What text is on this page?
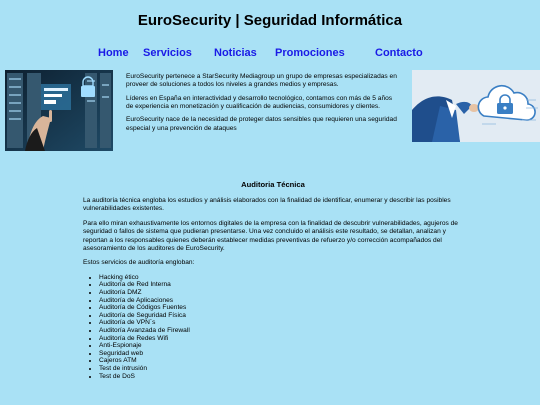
EuroSecurity | Seguridad Informática
Home Servicios Noticias Promociones	Contacto

EuroSecurity pertenece a StarSecurity Mediagroup un grupo de empresas especializadas en proveer de soluciones a todos los niveles a grandes medios y empresas.

Líderes en España en interactividad y desarrollo tecnológico, contamos con más de 5 años de experiencia en monetización y cualificación de audiencias, consumidores y clientes.

EuroSecurity nace de la necesidad de proteger datos sensibles que requieren una seguridad especial y una prevención de ataques

Auditoria Técnica

La auditoría técnica engloba los estudios y análisis elaborados con la finalidad de identificar, enumerar y describir las posibles vulnerabilidades existentes.

Para ello miran exhaustivamente los entornos digitales de la empresa con la finalidad de descubrir vulnerabilidades, agujeros de seguridad o fallos de sistema que pudieran presentarse. Una vez concluido el análisis este resultado, se detallan, analizan y reportan a los responsables quienes deberán establecer medidas preventivas de refuerzo y/o corrección acompañados del asesoramiento de los auditores de EuroSecurity.

Estos servicios de auditoría engloban:

• Hacking ético
• Auditoría de Red Interna
• Auditoría DMZ
• Auditoría de Aplicaciones
• Auditoría de Códigos Fuentes
• Auditoría de Seguridad Física
• Auditoría de VPN´s
• Auditoría Avanzada de Firewall
• Auditoría de Redes Wifi
• Anti-Espionaje
• Seguridad web
• Cajeros ATM
• Test de intrusión
• Test de DoS
